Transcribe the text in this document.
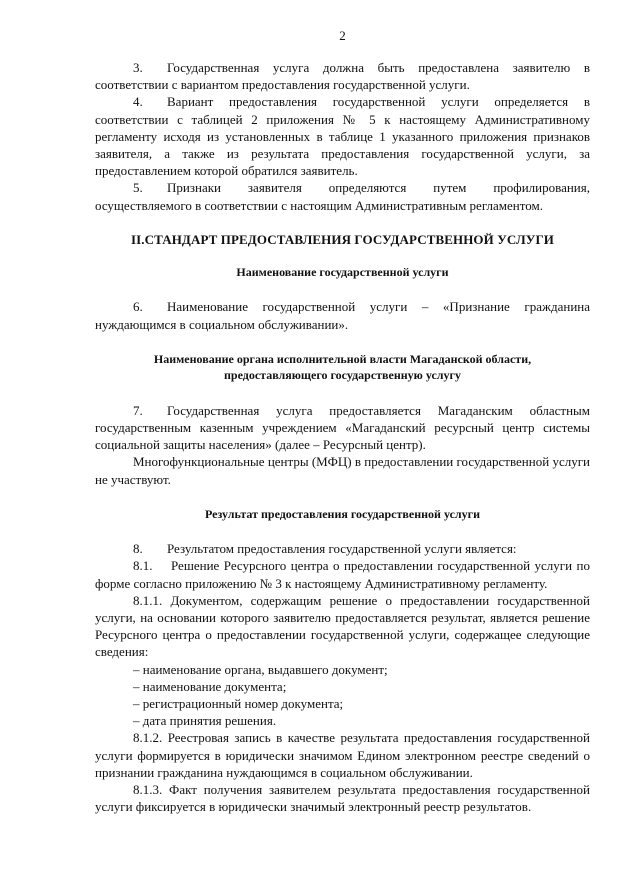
2

3. Государственная услуга должна быть предоставлена заявителю в соответствии с вариантом предоставления государственной услуги.

4. Вариант предоставления государственной услуги определяется в соответствии с таблицей 2 приложения № 5 к настоящему Административному регламенту исходя из установленных в таблице 1 указанного приложения признаков заявителя, а также из результата предоставления государственной услуги, за предоставлением которой обратился заявитель.

5. Признаки заявителя определяются путем профилирования, осуществляемого в соответствии с настоящим Административным регламентом.

II.СТАНДАРТ ПРЕДОСТАВЛЕНИЯ ГОСУДАРСТВЕННОЙ УСЛУГИ
Наименование государственной услуги

6. Наименование государственной услуги – «Признание гражданина нуждающимся в социальном обслуживании».

Наименование органа исполнительной власти Магаданской области,
предоставляющего государственную услугу

7. Государственная услуга предоставляется Магаданским областным государственным казенным учреждением «Магаданский ресурсный центр системы социальной защиты населения» (далее – Ресурсный центр).

Многофункциональные центры (МФЦ) в предоставлении государственной услуги не участвуют.

Результат предоставления государственной услуги

8. Результатом предоставления государственной услуги является:

8.1. Решение Ресурсного центра о предоставлении государственной услуги по форме согласно приложению № 3 к настоящему Административному регламенту.

8.1.1. Документом, содержащим решение о предоставлении государственной услуги, на основании которого заявителю предоставляется результат, является решение Ресурсного центра о предоставлении государственной услуги, содержащее следующие сведения:

– наименование органа, выдавшего документ;

– наименование документа;

– регистрационный номер документа;

– дата принятия решения.

8.1.2. Реестровая запись в качестве результата предоставления государственной услуги формируется в юридически значимом Едином электронном реестре сведений о признании гражданина нуждающимся в социальном обслуживании.

8.1.3. Факт получения заявителем результата предоставления государственной услуги фиксируется в юридически значимый электронный реестр результатов.
